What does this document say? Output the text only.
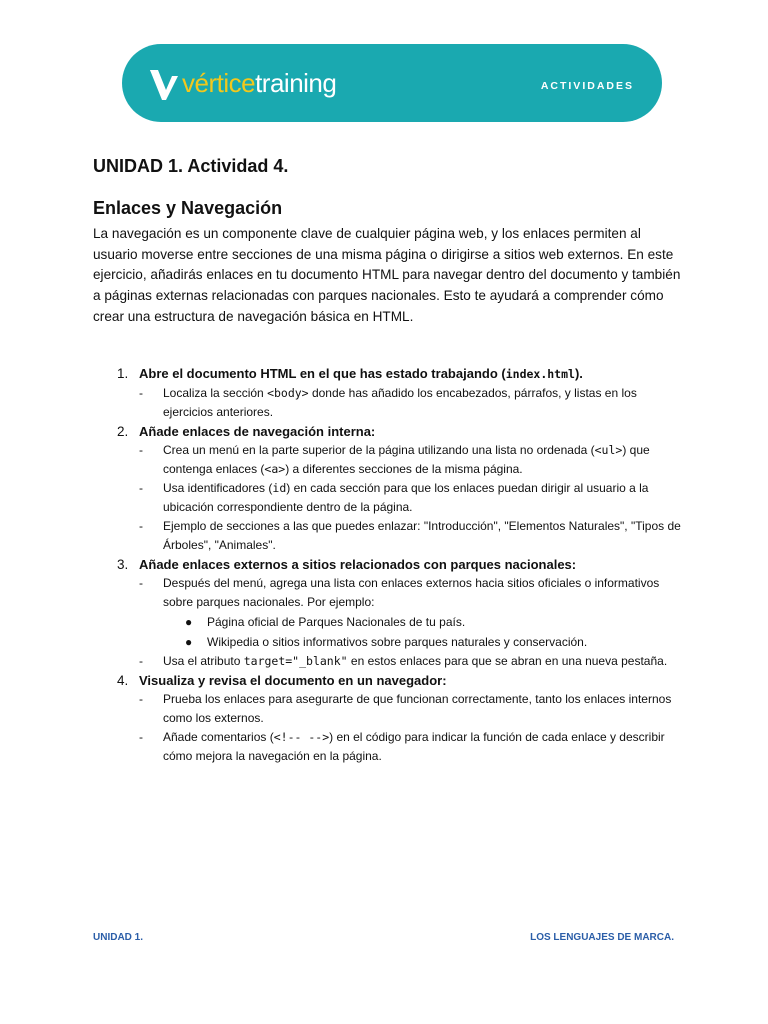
vérticetraining	ACTIVIDADES
UNIDAD 1. Actividad 4.
Enlaces y Navegación

La navegación es un componente clave de cualquier página web, y los enlaces permiten al usuario moverse entre secciones de una misma página o dirigirse a sitios web externos. En este ejercicio, añadirás enlaces en tu documento HTML para navegar dentro del documento y también a páginas externas relacionadas con parques nacionales. Esto te ayudará a comprender cómo crear una estructura de navegación básica en HTML.

1. Abre el documento HTML en el que has estado trabajando (index.html).
- Localiza la sección <body> donde has añadido los encabezados, párrafos, y listas en los ejercicios anteriores.
2. Añade enlaces de navegación interna:
- Crea un menú en la parte superior de la página utilizando una lista no ordenada (<ul>) que contenga enlaces (<a>) a diferentes secciones de la misma página.
- Usa identificadores (id) en cada sección para que los enlaces puedan dirigir al usuario a la ubicación correspondiente dentro de la página.
- Ejemplo de secciones a las que puedes enlazar: "Introducción", "Elementos Naturales", "Tipos de Árboles", "Animales".
3. Añade enlaces externos a sitios relacionados con parques nacionales:
- Después del menú, agrega una lista con enlaces externos hacia sitios oficiales o informativos sobre parques nacionales. Por ejemplo:
● Página oficial de Parques Nacionales de tu país.
● Wikipedia o sitios informativos sobre parques naturales y conservación.
- Usa el atributo target="_blank" en estos enlaces para que se abran en una nueva pestaña.
4. Visualiza y revisa el documento en un navegador:
- Prueba los enlaces para asegurarte de que funcionan correctamente, tanto los enlaces internos como los externos.
- Añade comentarios (<!-- -->) en el código para indicar la función de cada enlace y describir cómo mejora la navegación en la página.
UNIDAD 1.	LOS LENGUAJES DE MARCA.
